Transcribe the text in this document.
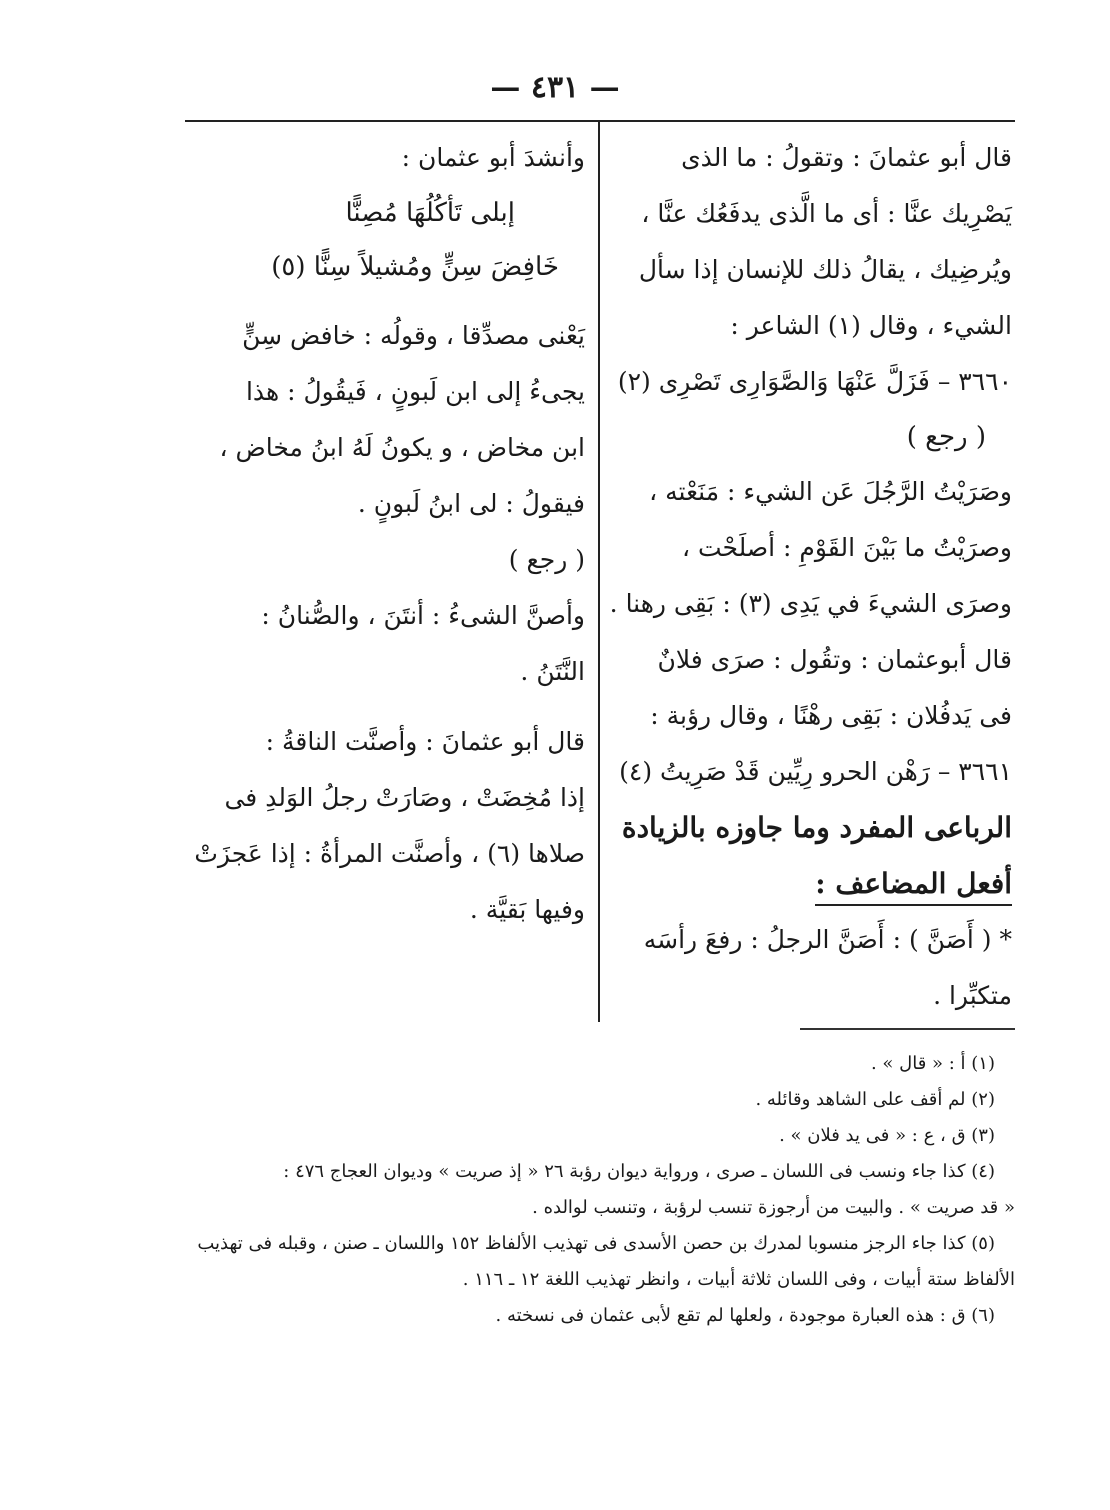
— ٤٣١ —
قال أبو عثمانَ : وتقولُ : ما الذى
يَصْرِيك عنَّا : أى ما الَّذى يدفَعُك عنَّا ،
ويُرضِيك ، يقالُ ذلك للإنسان إذا سأل
الشيء ، وقال (١) الشاعر :
٣٦٦٠ – فَزَلَّ عَنْهَا وَالصَّوَارِى تَصْرِى (٢)
( رجع )
وصَرَيْتُ الرَّجُلَ عَن الشيء : مَنَعْته ،
وصرَيْتُ ما بَيْنَ القَوْمِ : أصلَحْت ،
وصرَى الشيءَ في يَدِى (٣) : بَقِى رهنا .
قال أبوعثمان : وتقُول : صرَى فلانٌ
فى يَدفُلان : بَقِى رهْنًا ، وقال رؤبة :
٣٦٦١ – رَهْن الحرو رِيِّين قَدْ صَرِيتُ (٤)
الرباعى المفرد وما جاوزه بالزيادة
أفعل المضاعف :
* ( أَصَنَّ ) : أَصَنَّ الرجلُ : رفعَ رأسَه
متكبِّرا .
وأنشدَ أبو عثمان :
إبلى تَأكُلُهَا مُصِنًّا
خَافِضَ سِنٍّ ومُشيلاً سِنًّا (٥)
يَعْنى مصدِّقا ، وقولُه : خافض سِنٍّ
يجىءُ إلى ابن لَبونٍ ، فَيقُولُ : هذا
ابن مخاض ، و يكونُ لَهُ ابنُ مخاض ،
فيقولُ : لى ابنُ لَبونٍ .
( رجع )
وأصنَّ الشىءُ : أنتَنَ ، والصُّنانُ :
النَّتَنُ .
قال أبو عثمانَ : وأصنَّت الناقةُ :
إذا مُخِضَتْ ، وصَارَتْ رجلُ الوَلدِ فى
صلاها (٦) ، وأصنَّت المرأةُ : إذا عَجزَتْ
وفيها بَقيَّة .
(١) أ : « قال » .
(٢) لم أقف على الشاهد وقائله .
(٣) ق ، ع : « فى يد فلان » .
(٤) كذا جاء ونسب فى اللسان ـ صرى ، ورواية ديوان رؤبة ٢٦ « إذ صريت » وديوان العجاج ٤٧٦ :
« قد صريت » . والبيت من أرجوزة تنسب لرؤبة ، وتنسب لوالده .
(٥) كذا جاء الرجز منسوبا لمدرك بن حصن الأسدى فى تهذيب الألفاظ ١٥٢ واللسان ـ صنن ، وقبله فى تهذيب
الألفاظ ستة أبيات ، وفى اللسان ثلاثة أبيات ، وانظر تهذيب اللغة ١٢ ـ ١١٦ .
(٦) ق : هذه العبارة موجودة ، ولعلها لم تقع لأبى عثمان فى نسخته .
